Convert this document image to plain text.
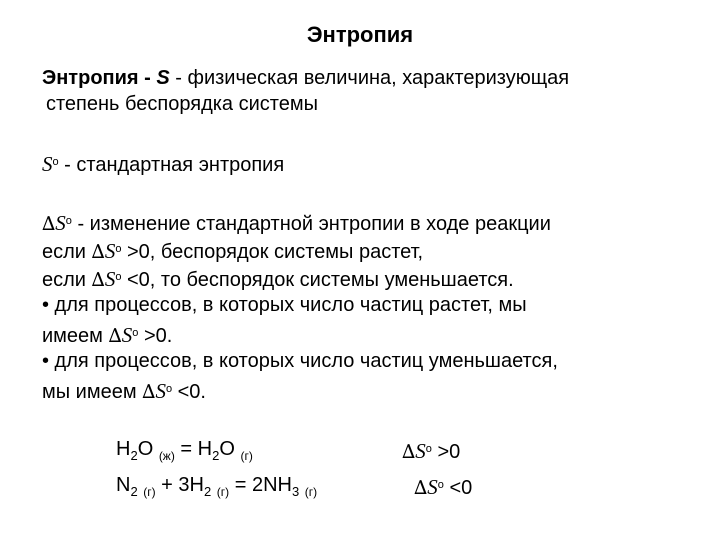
Энтропия
Энтропия - S - физическая величина, характеризующая
степень беспорядка системы
$S^o$ - стандартная энтропия
$\Delta S^o$ - изменение стандартной энтропии в ходе реакции
если $\Delta S^o >0$, беспорядок системы растет,
если $\Delta S^o <0$, то беспорядок системы уменьшается.
• для процессов, в которых число частиц растет, мы
имеем $\Delta S^o >0$.
• для процессов, в которых число частиц уменьшается,
мы имеем $\Delta S^o <0$.
$H_2O$ $_{(ж)} = H_2O$ $_{(г)}$	$\Delta S^o >0$
$N_2$ $_{(г)} + 3H_2$ $_{(г)} = 2NH_3$ $_{(г)}$	$\Delta S^o <0$
